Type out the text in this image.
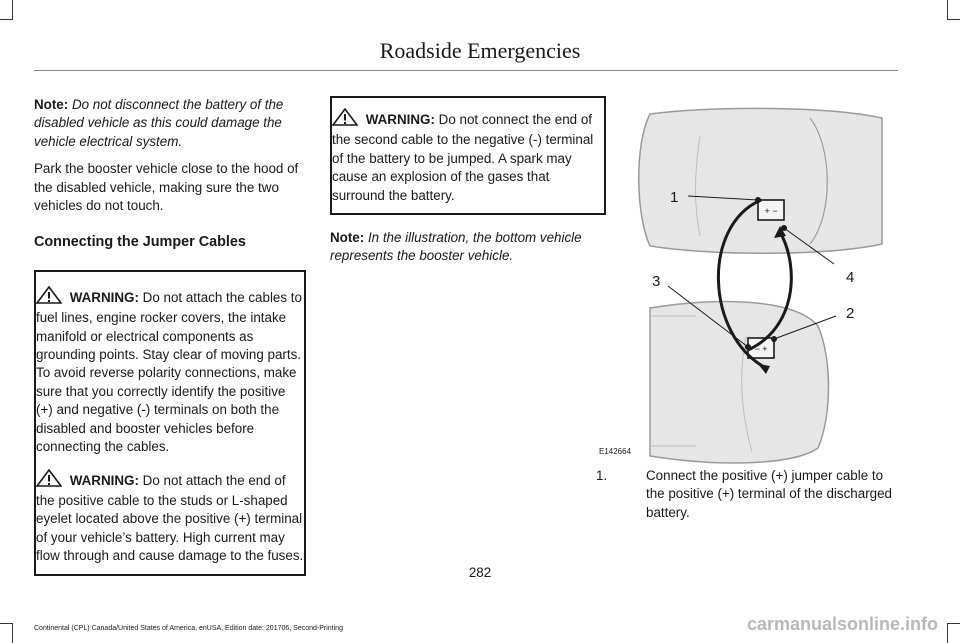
Roadside Emergencies

Note: Do not disconnect the battery of the disabled vehicle as this could damage the vehicle electrical system.

Park the booster vehicle close to the hood of the disabled vehicle, making sure the two vehicles do not touch.

Connecting the Jumper Cables

WARNING: Do not attach the cables to fuel lines, engine rocker covers, the intake manifold or electrical components as grounding points. Stay clear of moving parts. To avoid reverse polarity connections, make sure that you correctly identify the positive (+) and negative (-) terminals on both the disabled and booster vehicles before connecting the cables.

WARNING: Do not attach the end of the positive cable to the studs or L-shaped eyelet located above the positive (+) terminal of your vehicle’s battery. High current may flow through and cause damage to the fuses.

WARNING: Do not connect the end of the second cable to the negative (-) terminal of the battery to be jumped. A spark may cause an explosion of the gases that surround the battery.

Note: In the illustration, the bottom vehicle represents the booster vehicle.

+ −
− +
1
2
3	4
E142664
1.	Connect the positive (+) jumper cable to the positive (+) terminal of the discharged battery.
282
Continental (CPL) Canada/United States of America, enUSA, Edition date: 201706, Second-Printing	carmanualsonline.info
